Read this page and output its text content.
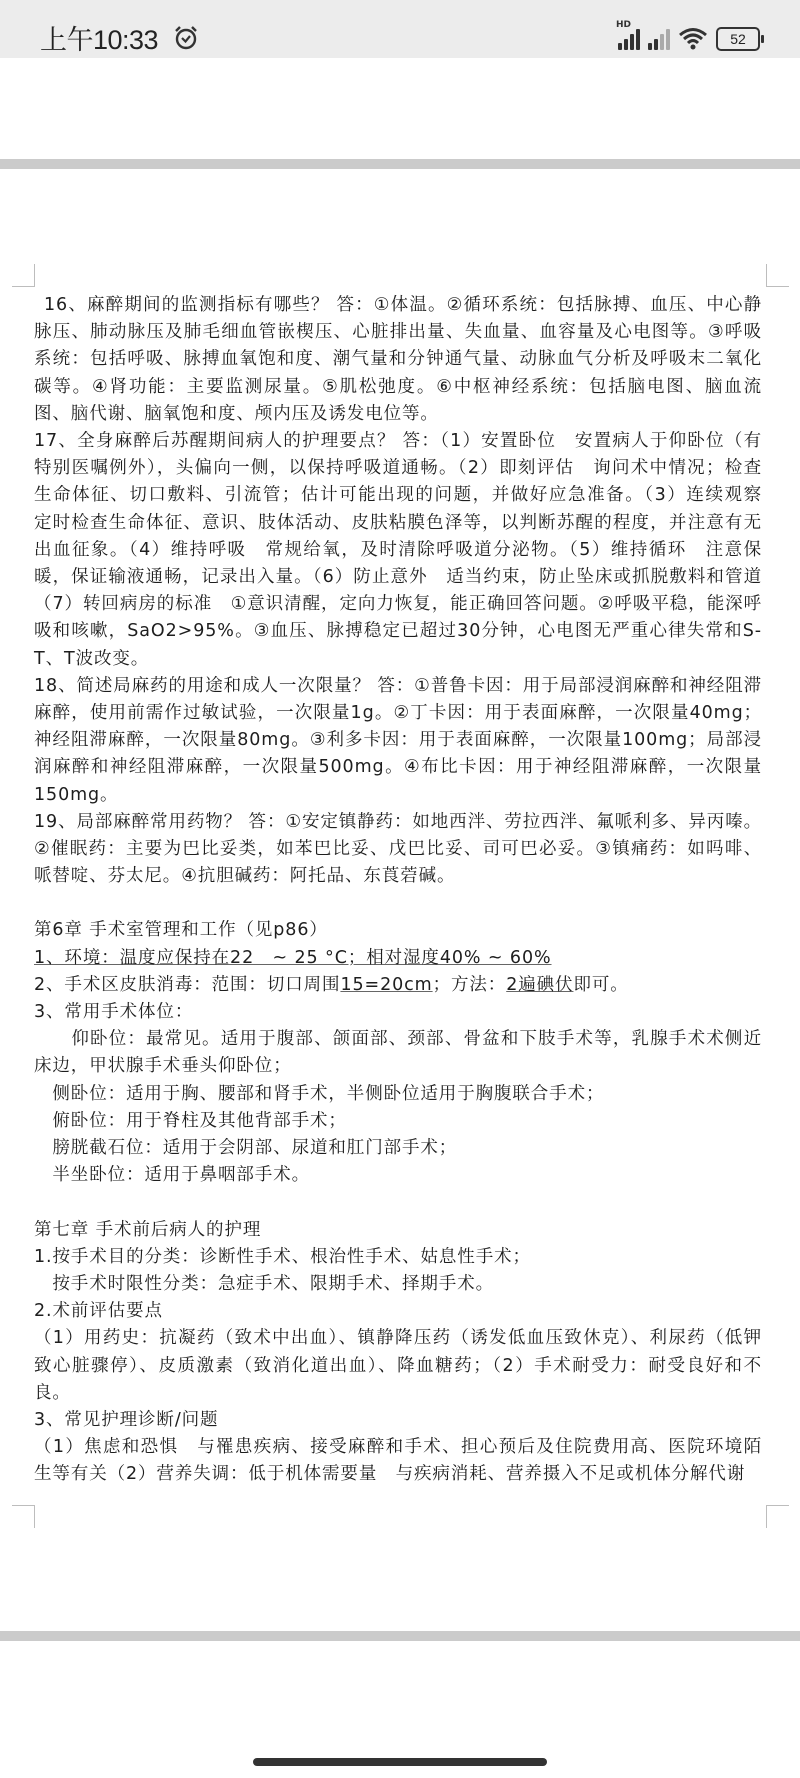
上午10:33	HD
52

16、麻醉期间的监测指标有哪些？ 答：①体温。②循环系统：包括脉搏、血压、中心静脉压、肺动脉压及肺毛细血管嵌楔压、心脏排出量、失血量、血容量及心电图等。③呼吸系统：包括呼吸、脉搏血氧饱和度、潮气量和分钟通气量、动脉血气分析及呼吸末二氧化碳等。④肾功能：主要监测尿量。⑤肌松弛度。⑥中枢神经系统：包括脑电图、脑血流图、脑代谢、脑氧饱和度、颅内压及诱发电位等。

17、全身麻醉后苏醒期间病人的护理要点？ 答：（1）安置卧位　安置病人于仰卧位（有特别医嘱例外），头偏向一侧，以保持呼吸道通畅。（2）即刻评估　询问术中情况；检查生命体征、切口敷料、引流管；估计可能出现的问题，并做好应急准备。（3）连续观察　定时检查生命体征、意识、肢体活动、皮肤粘膜色泽等，以判断苏醒的程度，并注意有无出血征象。（4）维持呼吸　常规给氧，及时清除呼吸道分泌物。（5）维持循环　注意保暖，保证输液通畅，记录出入量。（6）防止意外　适当约束，防止坠床或抓脱敷料和管道（7）转回病房的标准　①意识清醒，定向力恢复，能正确回答问题。②呼吸平稳，能深呼吸和咳嗽，SaO2>95%。③血压、脉搏稳定已超过30分钟，心电图无严重心律失常和S-T、T波改变。

18、简述局麻药的用途和成人一次限量？ 答：①普鲁卡因：用于局部浸润麻醉和神经阻滞麻醉，使用前需作过敏试验，一次限量1g。②丁卡因：用于表面麻醉，一次限量40mg；神经阻滞麻醉，一次限量80mg。③利多卡因：用于表面麻醉，一次限量100mg；局部浸润麻醉和神经阻滞麻醉，一次限量500mg。④布比卡因：用于神经阻滞麻醉，一次限量150mg。

19、局部麻醉常用药物？ 答：①安定镇静药：如地西泮、劳拉西泮、氟哌利多、异丙嗪。②催眠药：主要为巴比妥类，如苯巴比妥、戊巴比妥、司可巴必妥。③镇痛药：如吗啡、哌替啶、芬太尼。④抗胆碱药：阿托品、东莨菪碱。

第6章 手术室管理和工作（见p86）

1、环境：温度应保持在22　~ 25 °C；相对湿度40% ~ 60%

2、手术区皮肤消毒：范围：切口周围15=20cm；方法：2遍碘伏即可。

3、常用手术体位：

　　仰卧位：最常见。适用于腹部、颌面部、颈部、骨盆和下肢手术等，乳腺手术术侧近床边，甲状腺手术垂头仰卧位；

　侧卧位：适用于胸、腰部和肾手术，半侧卧位适用于胸腹联合手术；

　俯卧位：用于脊柱及其他背部手术；

　膀胱截石位：适用于会阴部、尿道和肛门部手术；

　半坐卧位：适用于鼻咽部手术。

第七章 手术前后病人的护理

1.按手术目的分类：诊断性手术、根治性手术、姑息性手术；

　按手术时限性分类：急症手术、限期手术、择期手术。

2.术前评估要点

（1）用药史：抗凝药（致术中出血）、镇静降压药（诱发低血压致休克）、利尿药（低钾致心脏骤停）、皮质激素（致消化道出血）、降血糖药；（2）手术耐受力：耐受良好和不良。

3、常见护理诊断/问题

（1）焦虑和恐惧　与罹患疾病、接受麻醉和手术、担心预后及住院费用高、医院环境陌生等有关（2）营养失调：低于机体需要量　与疾病消耗、营养摄入不足或机体分解代谢
